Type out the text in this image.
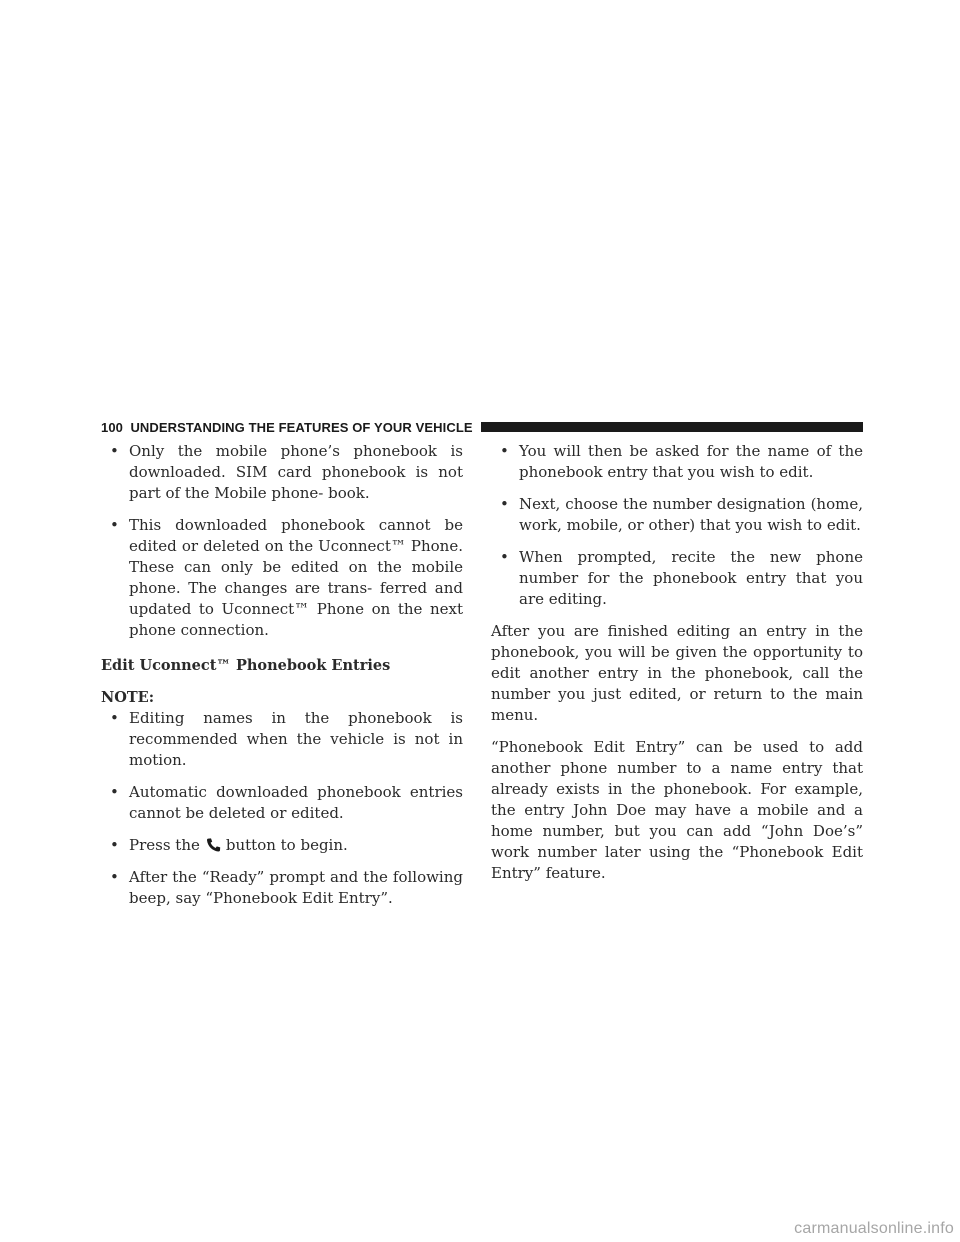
100 UNDERSTANDING THE FEATURES OF YOUR VEHICLE
• Only the mobile phone’s phonebook is downloaded. SIM card phonebook is not part of the Mobile phone- book.
• This downloaded phonebook cannot be edited or deleted on the Uconnect™ Phone. These can only be edited on the mobile phone. The changes are trans- ferred and updated to Uconnect™ Phone on the next phone connection.
Edit Uconnect™ Phonebook Entries
NOTE:
• Editing names in the phonebook is recommended when the vehicle is not in motion.
• Automatic downloaded phonebook entries cannot be deleted or edited.
• Press the button to begin.
• After the “Ready” prompt and the following beep, say “Phonebook Edit Entry”.
• You will then be asked for the name of the phonebook entry that you wish to edit.
• Next, choose the number designation (home, work, mobile, or other) that you wish to edit.
• When prompted, recite the new phone number for the phonebook entry that you are editing.

After you are finished editing an entry in the phonebook, you will be given the opportunity to edit another entry in the phonebook, call the number you just edited, or return to the main menu.

“Phonebook Edit Entry” can be used to add another phone number to a name entry that already exists in the phonebook. For example, the entry John Doe may have a mobile and a home number, but you can add “John Doe’s” work number later using the “Phonebook Edit Entry” feature.

carmanualsonline.info
